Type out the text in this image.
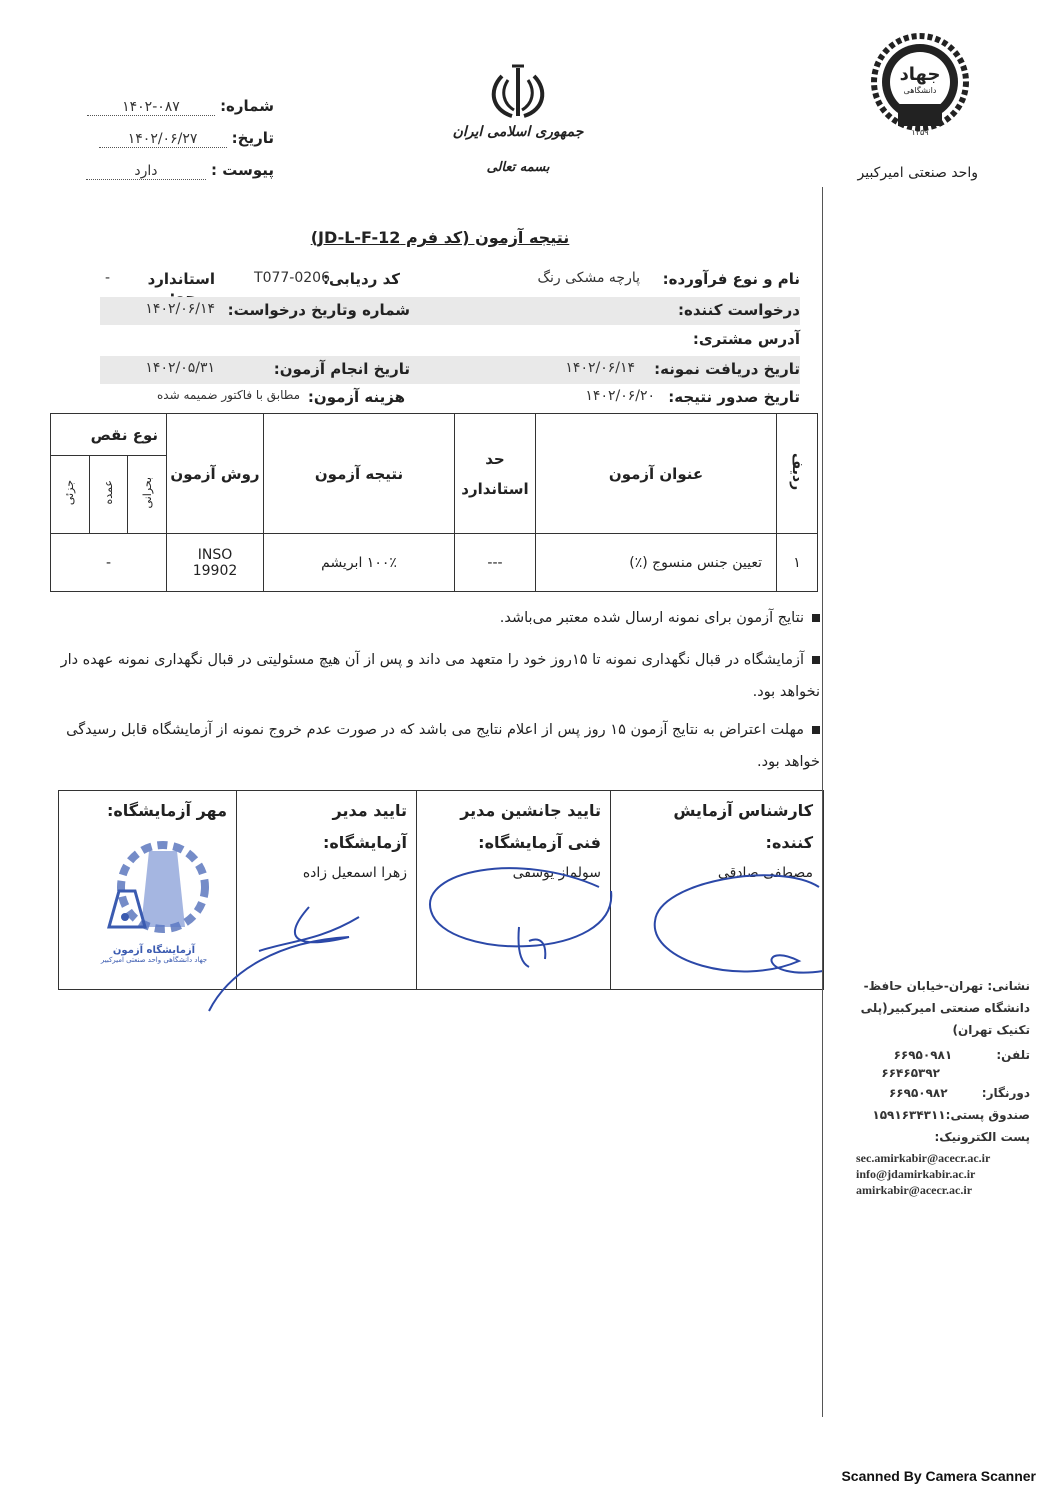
جهاد
دانشگاهی
۱۳۵۹
واحد صنعتی امیرکبیر
جمهوری اسلامی ایران
بسمه تعالی
شماره: ۱۴۰۲-۰۸۷
تاریخ: ۱۴۰۲/۰۶/۲۷
پیوست : دارد
نتیجه آزمون (کد فرم JD-L-F-12)
نام و نوع فرآورده:
پارچه مشکی رنگ
کد ردیابی:
T077-0206
استاندارد
-
درخواست کننده:
شماره وتاریخ درخواست:
۱۴۰۲/۰۶/۱۴
آدرس مشتری:
تاریخ دریافت نمونه:
۱۴۰۲/۰۶/۱۴
تاریخ انجام آزمون:
۱۴۰۲/۰۵/۳۱
تاریخ صدور نتیجه:
۱۴۰۲/۰۶/۲۰
هزینه آزمون:
مطابق با فاکتور ضمیمه شده
ردیف	عنوان آزمون	حد استاندارد	نتیجه آزمون	روش آزمون	نوع نقص		
					بحرانی	عمده	جزئی
۱	تعیین جنس منسوج (٪)	---	۱۰۰٪ ابریشم	INSO 19902	-		
نتایج آزمون برای نمونه ارسال شده معتبر می‌باشد.
آزمایشگاه در قبال نگهداری نمونه تا ۱۵روز خود را متعهد می داند و پس از آن هیچ مسئولیتی در قبال نگهداری نمونه عهده دار نخواهد بود.
مهلت اعتراض به نتایج آزمون ۱۵ روز پس از اعلام نتایج می باشد که در صورت عدم خروج نمونه از آزمایشگاه قابل رسیدگی خواهد بود.
کارشناس آزمایش کننده:
مصطفی صادقی
تایید جانشین مدیر فنی آزمایشگاه:
سولماز یوسفی
تایید مدیر آزمایشگاه:
زهرا اسمعیل زاده
مهر آزمایشگاه:
آزمایشگاه آزمون
جهاد دانشگاهی واحد صنعتی امیرکبیر
نشانی: تهران-خیابان حافظ-
دانشگاه صنعتی امیرکبیر(پلی
تکنیک تهران)
تلفن: ۶۶۹۵۰۹۸۱
۶۶۴۶۵۳۹۲
دورنگار: ۶۶۹۵۰۹۸۲
صندوق پستی:۱۵۹۱۶۳۴۳۱۱
پست الکترونیک:
sec.amirkabir@acecr.ac.ir
info@jdamirkabir.ac.ir
amirkabir@acecr.ac.ir
Scanned By Camera Scanner
